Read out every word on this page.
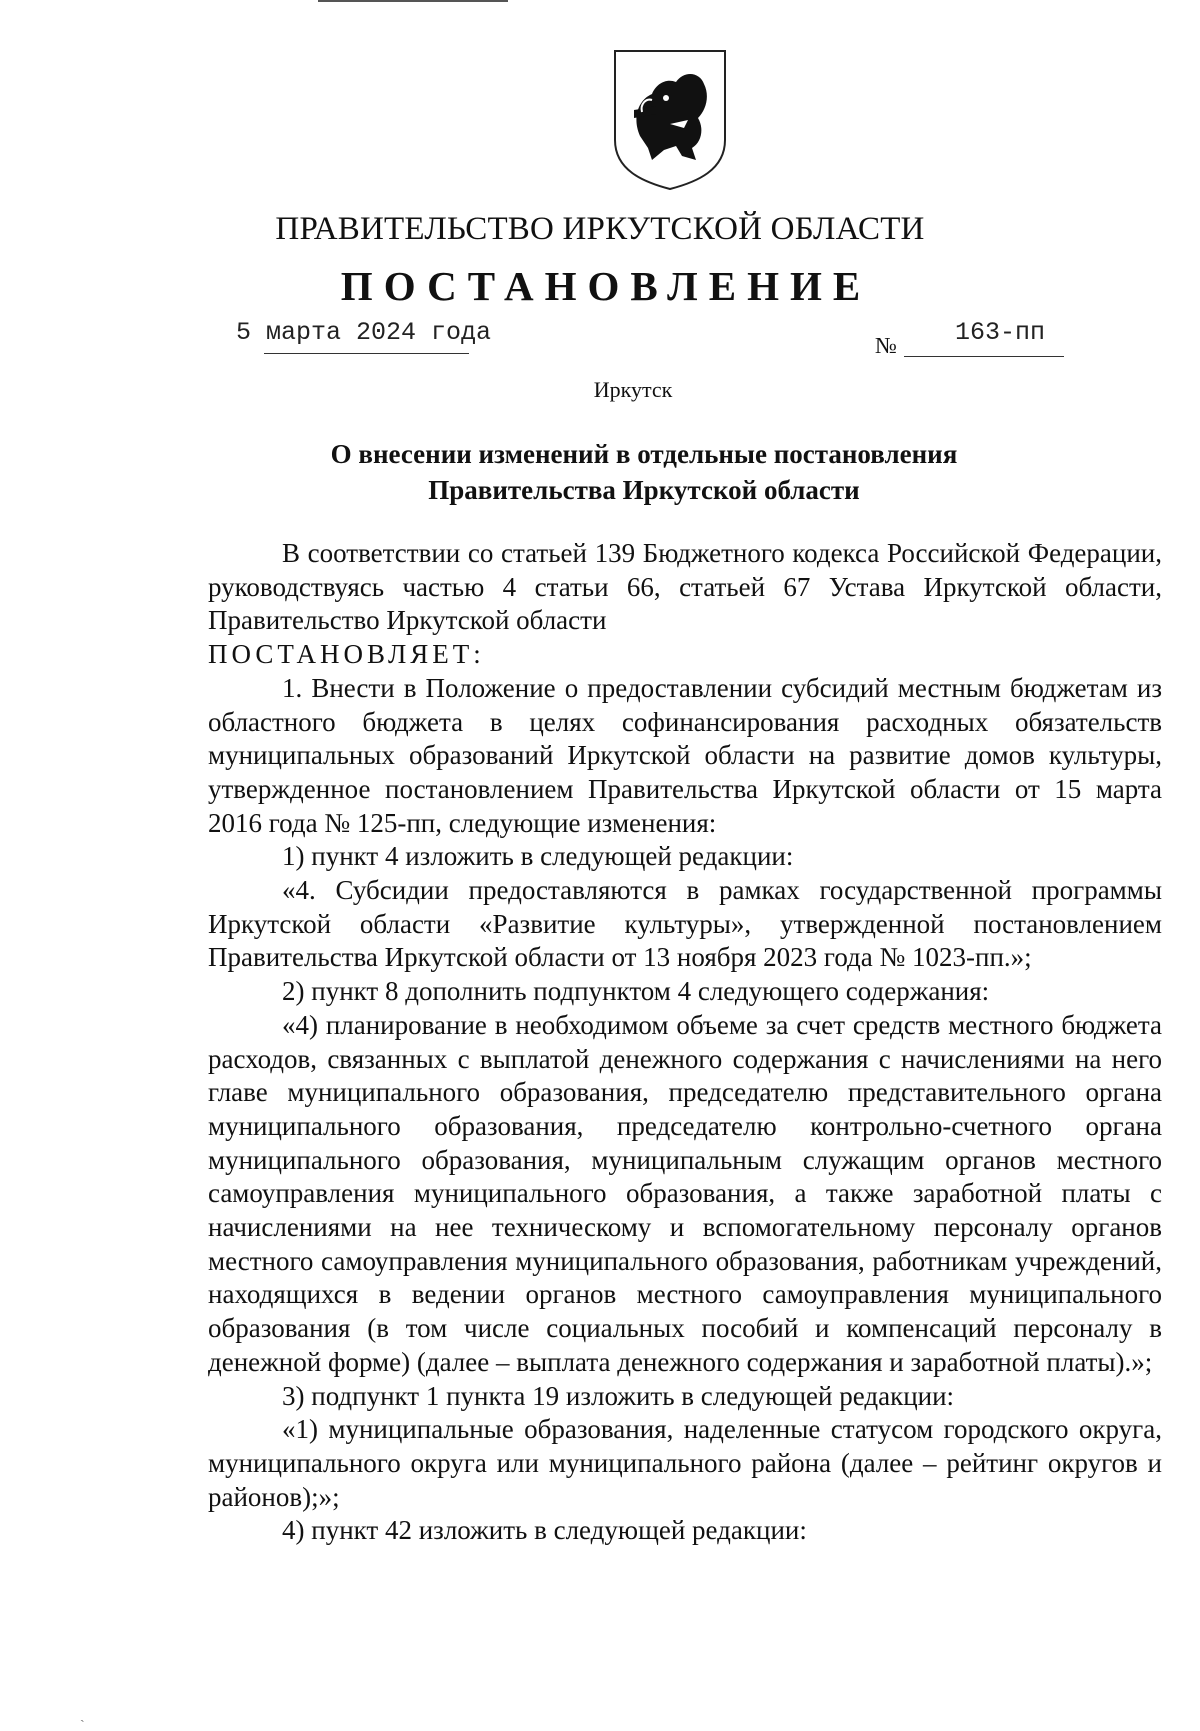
ПРАВИТЕЛЬСТВО ИРКУТСКОЙ ОБЛАСТИ
ПОСТАНОВЛЕНИЕ
5 марта 2024 года	№ 163-пп
Иркутск
О внесении изменений в отдельные постановления
Правительства Иркутской области

В соответствии со статьей 139 Бюджетного кодекса Российской Федерации, руководствуясь частью 4 статьи 66, статьей 67 Устава Иркутской области, Правительство Иркутской области

ПОСТАНОВЛЯЕТ:

1. Внести в Положение о предоставлении субсидий местным бюджетам из областного бюджета в целях софинансирования расходных обязательств муниципальных образований Иркутской области на развитие домов культуры, утвержденное постановлением Правительства Иркутской области от 15 марта 2016 года № 125-пп, следующие изменения:

1) пункт 4 изложить в следующей редакции:

«4. Субсидии предоставляются в рамках государственной программы Иркутской области «Развитие культуры», утвержденной постановлением Правительства Иркутской области от 13 ноября 2023 года № 1023-пп.»;

2) пункт 8 дополнить подпунктом 4 следующего содержания:

«4) планирование в необходимом объеме за счет средств местного бюджета расходов, связанных с выплатой денежного содержания с начислениями на него главе муниципального образования, председателю представительного органа муниципального образования, председателю контрольно-счетного органа муниципального образования, муниципальным служащим органов местного самоуправления муниципального образования, а также заработной платы с начислениями на нее техническому и вспомогательному персоналу органов местного самоуправления муниципального образования, работникам учреждений, находящихся в ведении органов местного самоуправления муниципального образования (в том числе социальных пособий и компенсаций персоналу в денежной форме) (далее – выплата денежного содержания и заработной платы).»;

3) подпункт 1 пункта 19 изложить в следующей редакции:

«1) муниципальные образования, наделенные статусом городского округа, муниципального округа или муниципального района (далее – рейтинг округов и районов);»;

4) пункт 42 изложить в следующей редакции:

ˏ
